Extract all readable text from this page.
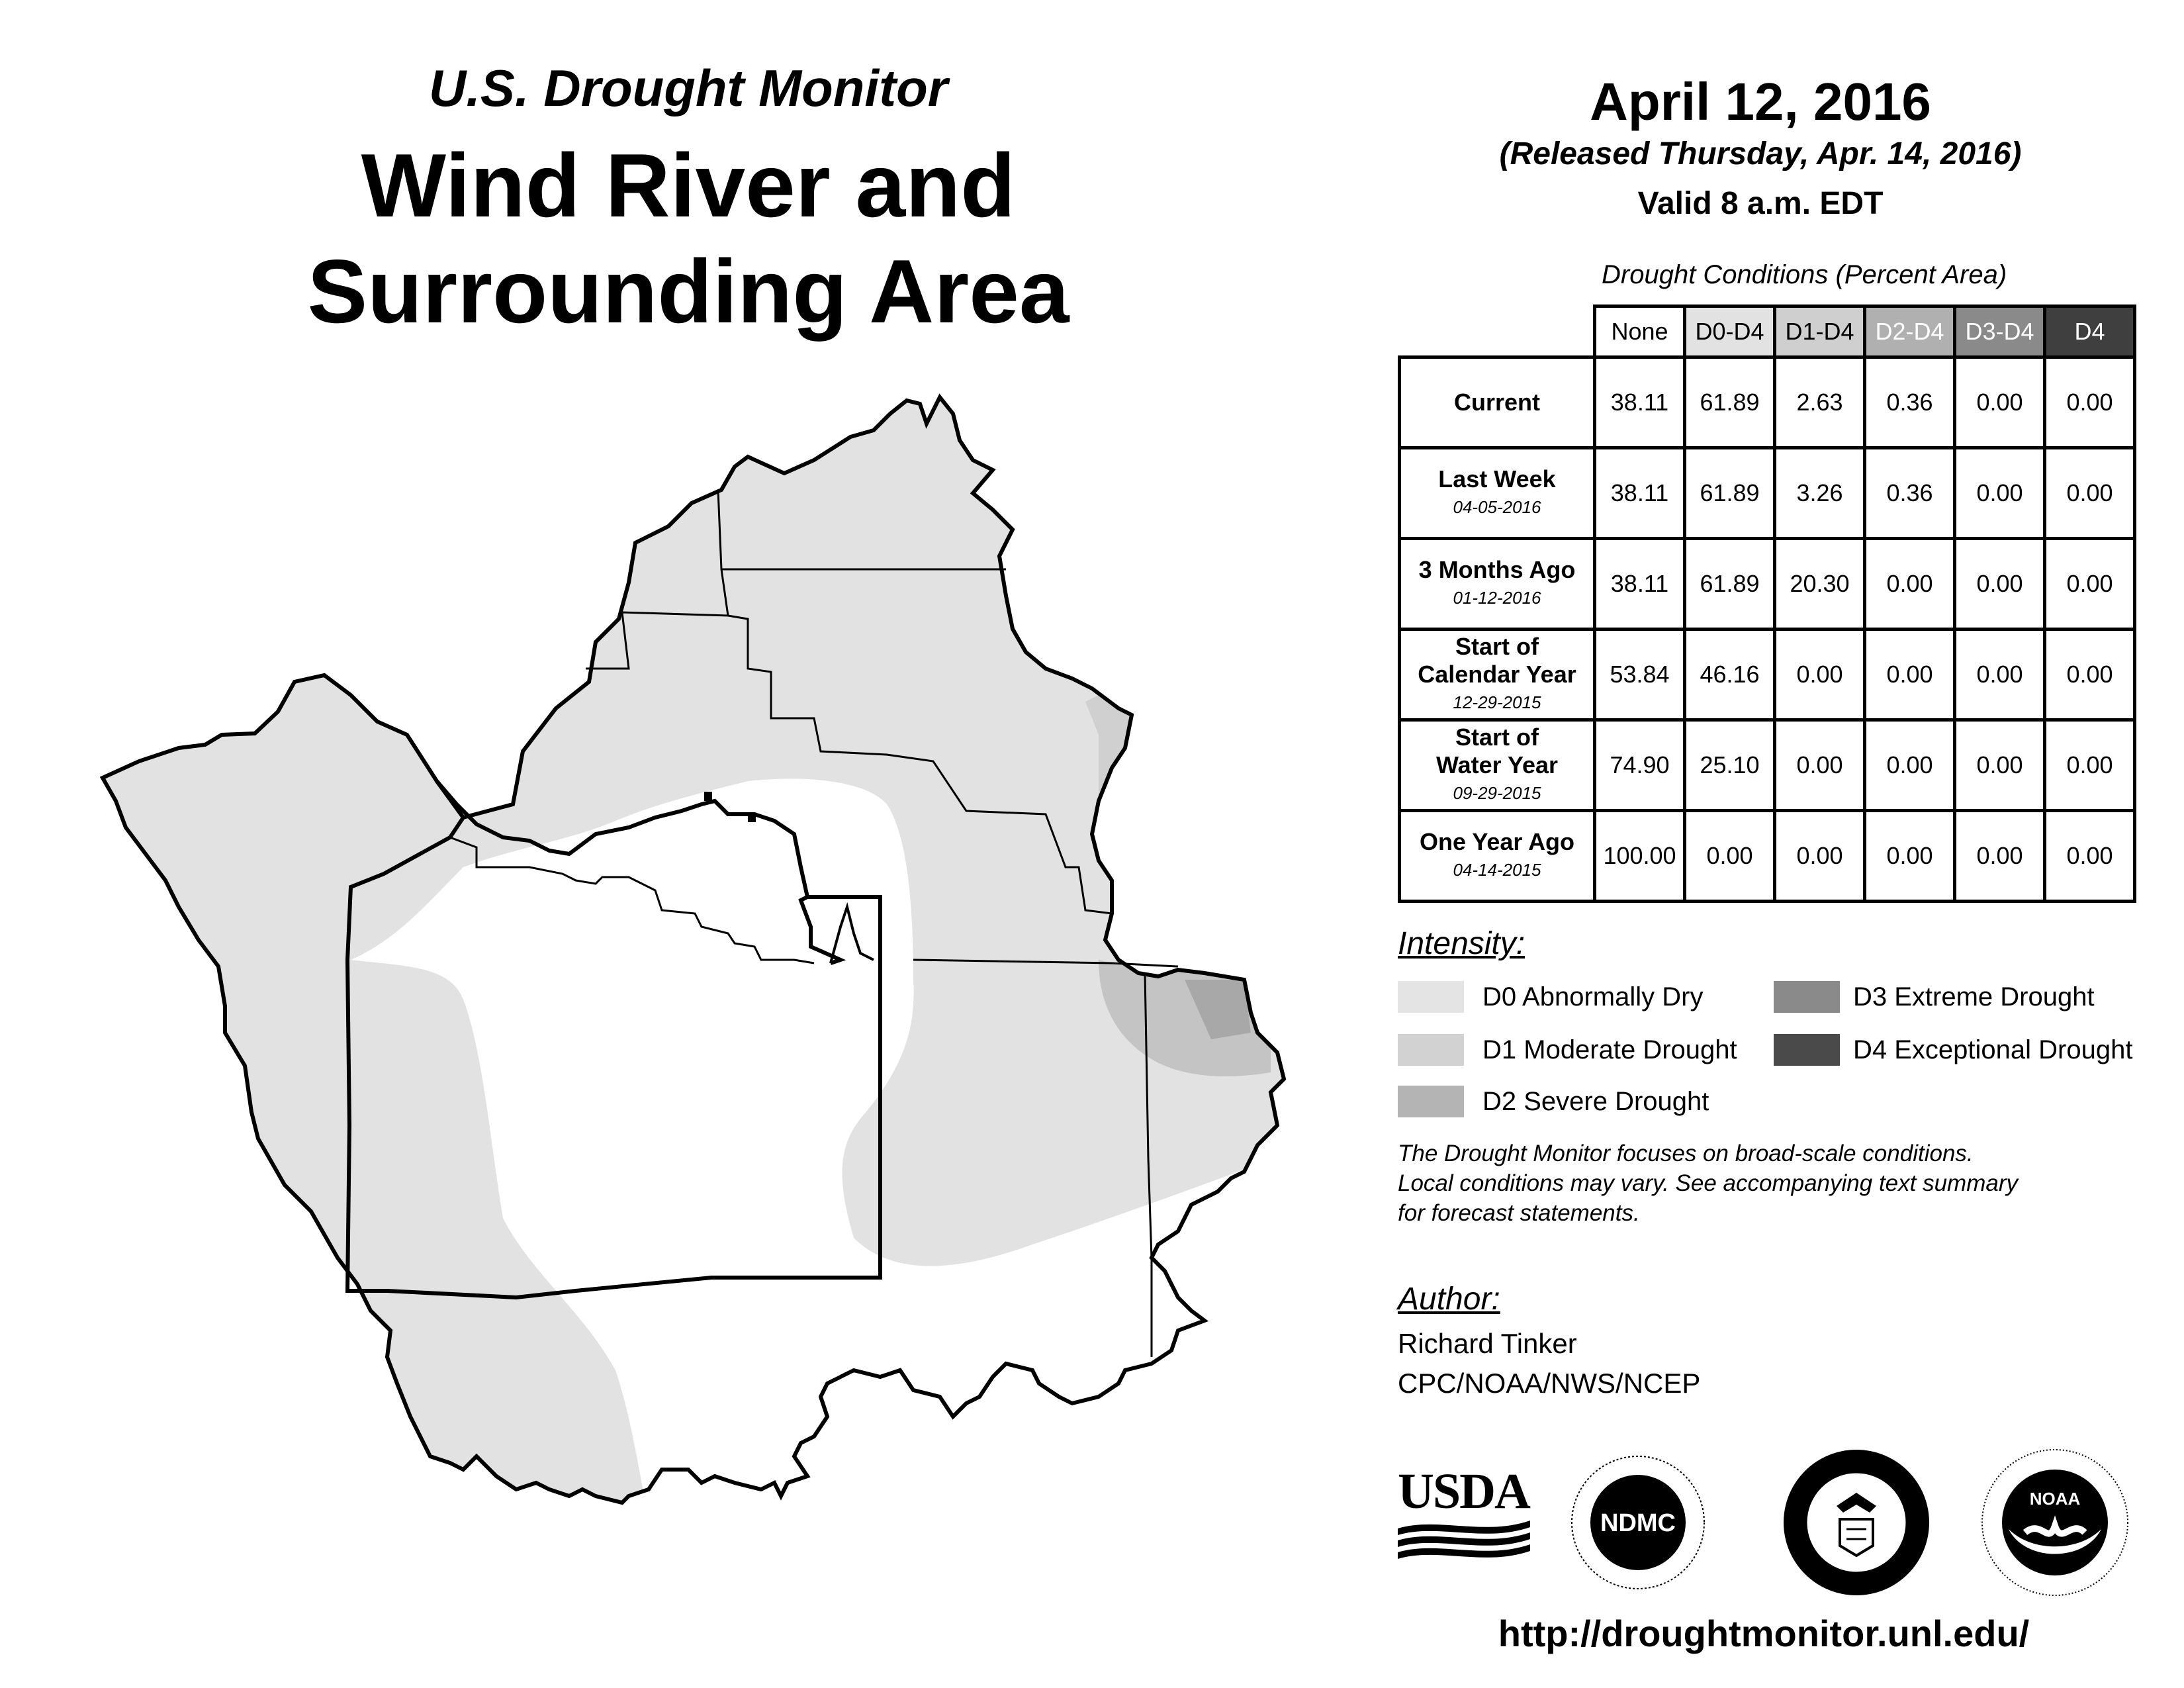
U.S. Drought Monitor
Wind River and
Surrounding Area
April 12, 2016
(Released Thursday, Apr. 14, 2016)
Valid 8 a.m. EDT
Drought Conditions (Percent Area)
	None	D0-D4	D1-D4	D2-D4	D3-D4	D4
Current	38.11	61.89	2.63	0.36	0.00	0.00
Last Week
04-05-2016	38.11	61.89	3.26	0.36	0.00	0.00
3 Months Ago
01-12-2016	38.11	61.89	20.30	0.00	0.00	0.00
Start of
Calendar Year
12-29-2015	53.84	46.16	0.00	0.00	0.00	0.00
Start of
Water Year
09-29-2015	74.90	25.10	0.00	0.00	0.00	0.00
One Year Ago
04-14-2015	100.00	0.00	0.00	0.00	0.00	0.00
Intensity:
D0 Abnormally Dry
D1 Moderate Drought
D2 Severe Drought
D3 Extreme Drought
D4 Exceptional Drought
The Drought Monitor focuses on broad-scale conditions.
Local conditions may vary. See accompanying text summary
for forecast statements.
Author:
Richard Tinker
CPC/NOAA/NWS/NCEP
USDA
NDMC
NOAA
http://droughtmonitor.unl.edu/
